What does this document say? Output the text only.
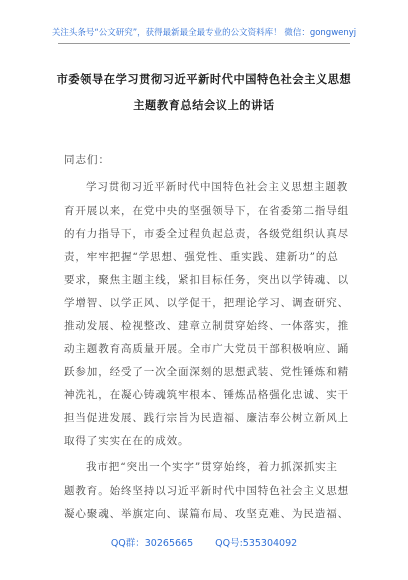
关注头条号“公文研究”，获得最新最全最专业的公文资料库！ 微信：gongwenyj
市委领导在学习贯彻习近平新时代中国特色社会主义思想
主题教育总结会议上的讲话
同志们：
学习贯彻习近平新时代中国特色社会主义思想主题教
育开展以来，在党中央的坚强领导下，在省委第二指导组
的有力指导下，市委全过程负起总责，各级党组织认真尽
责，牢牢把握“学思想、强党性、重实践、建新功”的总
要求，聚焦主题主线，紧扣目标任务，突出以学铸魂、以
学增智、以学正风、以学促干，把理论学习、调查研究、
推动发展、检视整改、建章立制贯穿始终、一体落实，推
动主题教育高质量开展。全市广大党员干部积极响应、踊
跃参加，经受了一次全面深刻的思想武装、党性锤炼和精
神洗礼，在凝心铸魂筑牢根本、锤炼品格强化忠诚、实干
担当促进发展、践行宗旨为民造福、廉洁奉公树立新风上
取得了实实在在的成效。
我市把“突出一个实字”贯穿始终，着力抓深抓实主
题教育。始终坚持以习近平新时代中国特色社会主义思想
凝心聚魂、举旗定向、谋篇布局、攻坚克难、为民造福、
QQ群：30265665 QQ号:535304092
